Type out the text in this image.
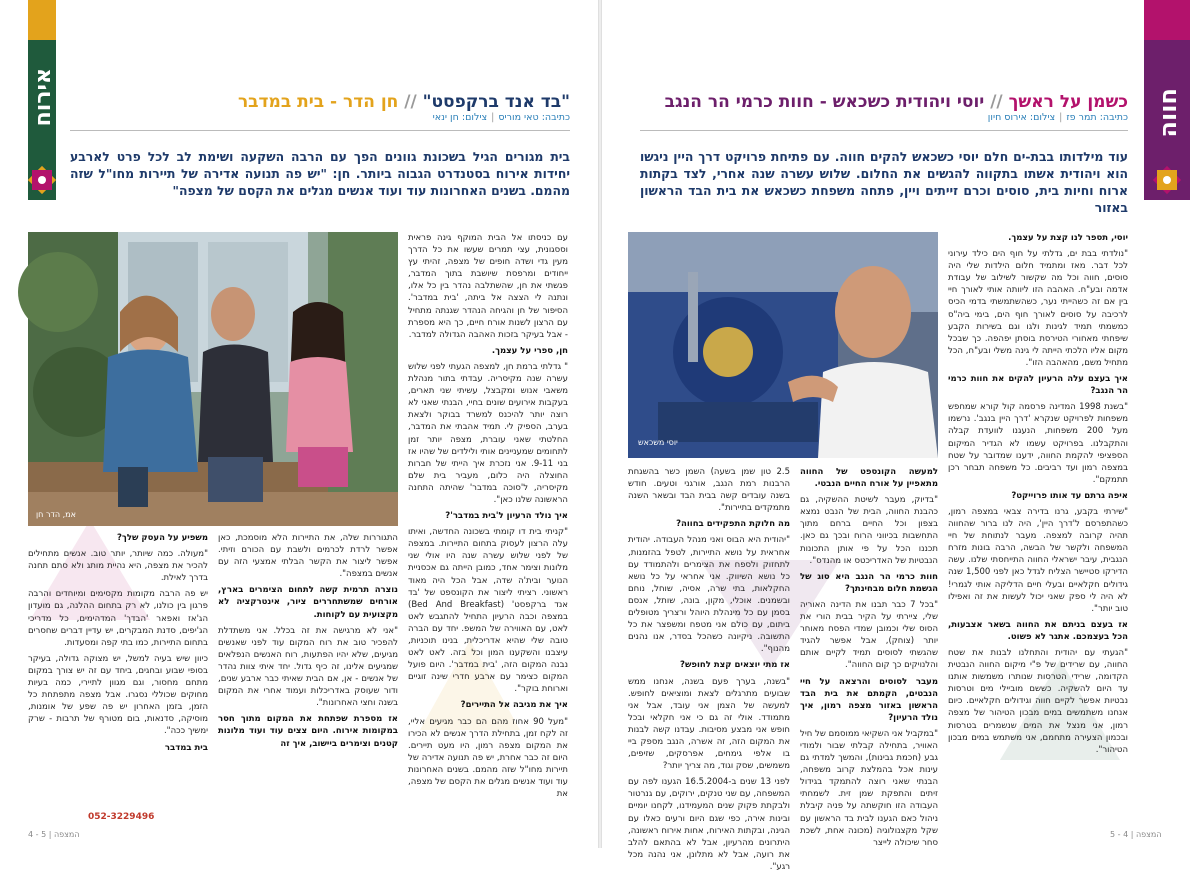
אירוח	חווה
"בד אנד ברקפסט" // חן הדר - בית במדבר
כתיבה: טאי מוריס|צילום: חן ינאי
בית מגורים הגיל בשכונת גוונים הפך עם הרבה השקעה ושימת לב לכל פרט לארבע יחידות אירוח בסטנדרט הגבוה ביותר. חן: "יש פה תנועה אדירה של תיירות מחו"ל שזה מהמם. בשנים האחרונות עוד ועוד אנשים מגלים את הקסם של מצפה"
כשמן על ראשך // יוסי ויהודית כשכאש - חוות כרמי הר הנגב
כתיבה: תמר פז|צילום: אירוס חיון
עוד מילדותו בבת-ים חלם יוסי כשכאש להקים חווה. עם פתיחת פרויקט דרך היין ניגשו הוא ויהודית אשתו בתקווה להגשים את החלום. שלוש עשרה שנה אחרי, לצד בקתות ארוח וחיות בית, סוסים וכרם זייתים ויין, פתחה משפחת כשכאש את בית הבד הראשון באזור
אמ, הדר חן

עם כניסתו אל הבית המוקף גינה פראית וססגונית, עצי תמרים שעשו את כל הדרך מעין גדי ושדה חופים של מצפה, זהיתי עץ ייחודים ומרפסת שיושבת בתוך המדבר, פגשתי את חן, שהשתלבה נהדר בין כל אלו, ונתנה לי הצצה אל ביתה, 'בית במדבר'. הסיפור של חן והגיחה הנהדר שגנתה מתחיל עם הרצון לשנות אורח חיים, כך היא מספרת - אבל בעיקר בזכות האהבה הגדולה למדבר.

חן, ספרי על עצמך.

" גדלתי ברמת חן, למצפה הגעתי לפני שלוש עשרה שנה מקיסריה. עבדתי בתור מנהלת משאבי אנוש ומקבצל, עשיתי שני תארים, בעקבות אירועים שונים בחיי, הבנתי שאני לא רוצה יותר להיכנס למשרד בבוקר ולצאת בערב, הספיק לי. תמיד אהבתי את המדבר, החלטתי שאני עוברת, מצפה יותר זמן לתחומים שמעניינים אותי ולילדים של שהיו אז בני 9-11. אני נזכרת איך הייתי של חברות החוצלה היה כלום, מעביר בית שלם מקיסריה, ל'סוכה במדבר' שהיתה התחנה הראשונה שלנו כאן".

איך נולד הרעיון ל'בית במדבר'?

"קניתי בית דו קומתי בשכונה החדשה, ואיתו עלה הרצון לעסוק בתחום התיירות. במצפה של לפני שלוש עשרה שנה היו אולי שני מלונות וצימר אחד, כמובן הייתה גם אכסניית הנוער ובית'ה שדה, אבל הכל היה מאוד ראשוני. רציתי ליצור את הקונספט של 'בד אנד ברקפסט' (Bed And Breakfast) במצפה וכבה הרעיון התחיל להתגבש לאט לאט, עם האווירה של המשפ. יחד עם הברה טובה שלי שהיא אדריכלית, בנינו תוכניות, עיצבנו והשקענו המון וכל בזה. לאט לאט נבנה המקום הזה, 'בית במדבר'. היום פועל המקום כצימר עם ארבע חדרי שינה זוגיים וארוחת בוקר".

איך את מגיבה אל התיירים?

"מעל 90 אחוז מהם הם כבר מגיעים אליי, זה לקח זמן, בתחילת הדרך אנשים לא הכירו את המקום מצפה רמון, היו מעט תיירים. היום זה כבר אחרת, יש פה תנועה אדירה של תיירות מחו"ל שזה מהמם. בשנים האחרונות עוד ועוד אנשים מגלים את הקסם של מצפה, את

התגוררות שלה, את התיירות הלא מוסמכת, כאן אפשר לרדת לכרמים ולשבת עם הכורם וזיתי. אפשר ליצור את הקשר הבלתי אמצעי הזה עם אנשים במצפה".

נוצרה תרמית קשה לתחום הצימרים בארץ, אורחים שמשתחררים ציור, אינטרקציה לא מקצועית עם לקוחות.

"אני לא מרגישה את זה בכלל. אני משתדלת להפכיר טוב את רוח המקום עוד לפני שאנשים מגיעים, שלא יהיו הפתעות, רוח האנשים הנפלאים שמגיעים אלינו, זה כיף גדול. יחד איתי צוות נהדר של אנשים - אן, אם הבית שאיתי כבר ארבע שנים, ודור שעוסק באדריכלות ועמוד אחרי את המקום בשנה וחצי האחרונות".

אז מספרת שפתחת את המקום מתוך חסר במקומות אירוח. היום צצים עוד ועוד מלונות קטנים וצימרים ביישוב, איך זה

משפיע על העסק שלך?

"מעולה. כמה שיותר, יותר טוב. אנשים מתחילים להכיר את מצפה, היא נהיית מותג ולא סתם תחנה בדרך לאילת.

יש פה הרבה מקומות מקסימים ומיוחדים והרבה פרגון בין כולנו, לא רק בתחום ההלנה, גם מועדון הג'אז ואפאר 'הבדך' המדהימים, כל מדריכי הג'יפים, סדנת המבקרים, יש עדיין דברים שחסרים בתחום התיירות, כמו בתי קפה ומסעדות.

כיוון שיש בעיה למשל, יש מצוקה גדולה, בעיקר בסופי שבוע ובחגים, ביחד עם זה יש צורך במקום מתחם מחסור, וגם מגוון לתיירי, כמה בעיות מחוקים שכוללי נסגרו. אבל מצפה מתפתחת כל הזמן, בזמן האחרון יש פה שפע של אומנות, מוסיקה, סדנאות, בום מטורף של תרבות - שרק ימשיך ככה".

בית במדבר

052-3229496
4 - 5 | המצפה
יוסי משכאש

יוסי, תספר לנו קצת על עצמך.

"נולדתי בבת ים, גדלתי על חוף הים כילד עירוני לכל דבר. מאז ומתמיד חלום הילדות שלי היה סוסים, חווה וכל מה שקשור לשילוב של עבודת אדמה ובע"ח. האהבה הזו ליוותה אותי לאורך חיי בין אם זה כשהייתי נער, כשהשתמשתי בדמי הכיס לרכיבה על סוסים לאורך חוף הים, בימי ביה"ס כמשמתי תמיד לגינות ולגו וגם בשירות הקבע שיפחתי מאחורי הטירסת בוסתן יפהפה. כך שבכל מקום אליו הלכתי הייתה לי גינה משלי ובע"ח, הכל מתחיל משם, מהאהבה הזו".

איך בעצם עלה הרעיון להקים את חוות כרמי הר הנגב?

"בשנת 1998 המדינה פרסמה קול קורא שמחפש משפחות לפרויקט שנקרא 'דרך היין בנגב'. נרשמו מעל 200 משפחות, הנעגנו לוועדת קבלה והתקבלנו. בפרויקט עשמו לא הגדיר המיקום הספציפי להקמת החווה, ידענו שמדובר על שטח במצפה רמון ועד רביבים. כל משפחה תבחר רכן תתמקם".

איפה גרתם עד אותו פרוייקט?

"שירתי בקבע, גרנו בדירה צבאי במצפה רמון, כשהתפרסם ל'דרך היין', היה לנו ברור שהחווה תהיה קרובה למצפה. מעבר לנתוחת של חיי המשפחה ולקשר של הבשה, הרבה בונות מזרח הנגבית, עיבר ישראלי החווה התייחסתי שלנו. עשה הדירקו סטיישר הצליח לגדל כאן לפני 1,500 שנה גידולים חקלאיים ובעלי חיים הדליקה אותי לגמרי! לא היה לי ספק שאני יכול לעשות את זה ואפילו טוב יותר".

אז בעצם בניתם את החווה בשאר אצבעות, הכל בעצמכם. אתגר לא פשוט.

"הגעתי עם יהודית והתחלנו לבנות את שטח החווה, עם שרידים של פ"י מיקום החווה הנבטית הקדומה, שרידי הטרסות שנותרו משמשות אותנו עד היום להשקיה. כששם מוביילי מים וטרסות נבטיות אפשר לקיים חווה וגידולים חקלאיים. כיום אנחנו משתמשים במים מבכון הטיהור של מצפה רמון, אני מנצל את המים שנשמרים בטרסות ובכמון הצעירה מתחמם, אני משתמש במים מבכון הטיהור".

למעשה הקונספט של החווה מתאפיין על אורח החיים הנבטי.

"בדיוק, מעבר לשיטת ההשקיה, גם כהבנת החווה, הבית של הנבט נמצא בצפון וכל החיים ברחם מתוך התחשבות בכיווני הרוח ובכך גם כאן. תכננו הכל על פי אותן התכונות הנבטיות של האדריכטס או מהנדס".

חוות כרמי הר הנגב היא סוג של הגשמת חלום מבחינתך?

"בכל 7 כבר תבנו את הדינה האוריה שלי, ציירתי על הקיר בבית הורי את הסוס שלי וכמובן שמדי הפסח מאוחר יותר (צוחק), אבל אפשר להגיד שהגשתי לסוסים תמיד לקיים אותם והלנויקים כך קום החווה".

מעבר לסוסים והרצאה על חיי הנבטים, הקמתם את בית הבד הראשון באזור מצפה רמון, איך נולד הרעיון?

"במקביל אני השקיאי ממוסמם של חיל האוויר, בתחילה קבלתי שבור ולמודי גבע (חכמת גבינות), והמשך למדתי גם עינות אכל בהמלצת קרוב משפחה, הבנתי שאני רוצה להתמקד בגידול זיתים והתפקת שמן זית. לשמחתי העבודה הזו חוקשתה על פניה קיבלת ניהול כאם הגענו לבית בד הראשון עם שקל מקצנולוגיה (מכונה אחת, לשכת סחר שיכולה לייצר

2.5 טון שמן בשעה) השמן כשר בהשגחת הרבנות רמת הנגב, אורגני וטעים. חודש בשנה עובדים קשה בבית הבד ובשאר השנה מתמקדים בתיירות".

מה חלוקת התפקידים בחווה?

"יהודית היא הבוס ואני מנהל העבודה. יהודית אחראית על נושא התיירות, לטפל בהזמנות, לתחזוק ולספח את הצימרים ולהתמודד עם כל נושא השיווק. אני אחראי על כל נושא החקלאות, בתי שרה, אסיה, שוחל, נוחם ובשמנים. אוכלי, מקון, בונה, שותל, אנסם בסמן עם כל מינהלת היוהל ורצריך מטופלים ביתום, עם כולם אני מטפח ומשפצר את כל התשובה. ניקיונה כשהכל בסדר, אנו נהנים מהנוף".

אז מתי יוצאים קצת לחופש?

"בשנה, בערך פעם בשנה, אנחנו ממש שבועים מתרגלים לצאת ומוציאים לחופש. למעשה של הצמן אני עובד, אבל אני מתמודד. אולי זה גם כי אני חקלאי ובכל חופש אני מבצע מסיבות. עבדנו קשה לבנות את המקום הזה, זה אשרה, הנגב מספק ביי בו אלפי גימחים, אפרסקים, שזיפים, משמשים, שסק וגוד, מה צריך יותר?

לפני 13 שנים ב-16.5.2004 הגענו לפה עם המשפחה, עם שני טנקים, ירוקים, עם גנרטור ולבקתת פקוק שנים המעמידנו, לקחנו יומיים ובינות אירה, כפי שגם היום ורעים כאלו עם הגינה, ובקתות האירוח, אחות אירוח ראשונה, היתרונים מהרעיון, אבל לא בהתאם להלב את רועה, אבל לא מתלונן, אני נהנה מכל רגע".

המצפה | 4 - 5
